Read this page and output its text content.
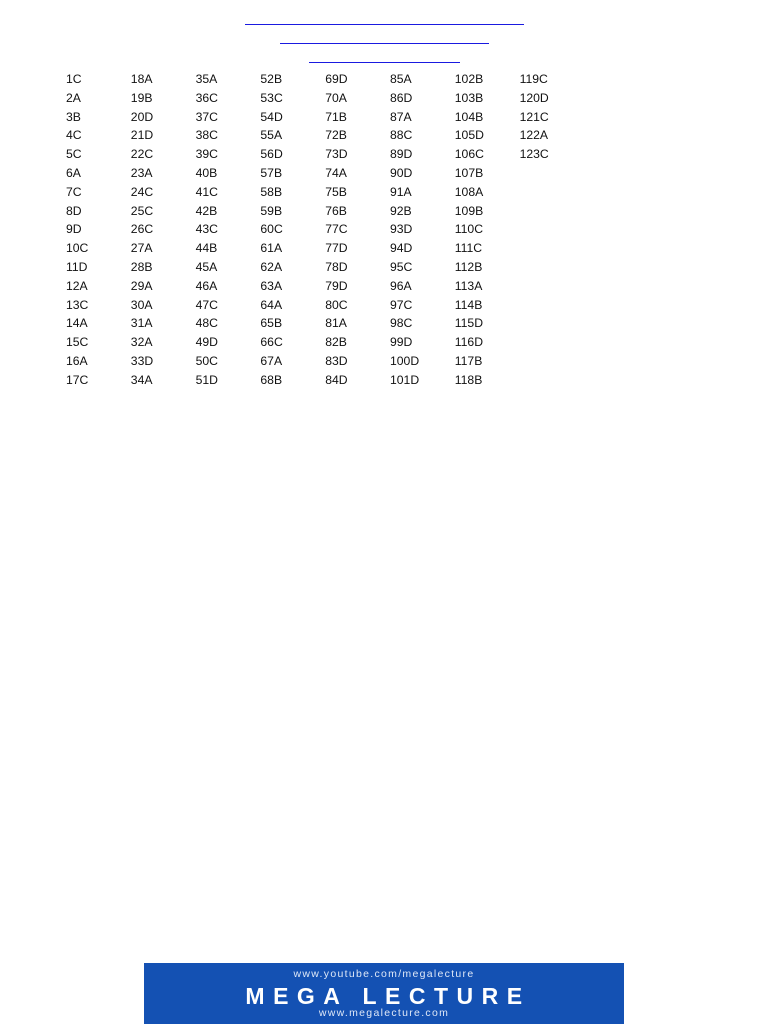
1C
2A
3B
4C
5C
6A
7C
8D
9D
10C
11D
12A
13C
14A
15C
16A
17C
18A
19B
20D
21D
22C
23A
24C
25C
26C
27A
28B
29A
30A
31A
32A
33D
34A
35A
36C
37C
38C
39C
40B
41C
42B
43C
44B
45A
46A
47C
48C
49D
50C
51D
52B
53C
54D
55A
56D
57B
58B
59B
60C
61A
62A
63A
64A
65B
66C
67A
68B
69D
70A
71B
72B
73D
74A
75B
76B
77C
77D
78D
79D
80C
81A
82B
83D
84D
85A
86D
87A
88C
89D
90D
91A
92B
93D
94D
95C
96A
97C
98C
99D
100D
101D
102B
103B
104B
105D
106C
107B
108A
109B
110C
111C
112B
113A
114B
115D
116D
117B
118B
119C
120D
121C
122A
123C
www.youtube.com/megalecture
MEGA LECTURE
www.megalecture.com
